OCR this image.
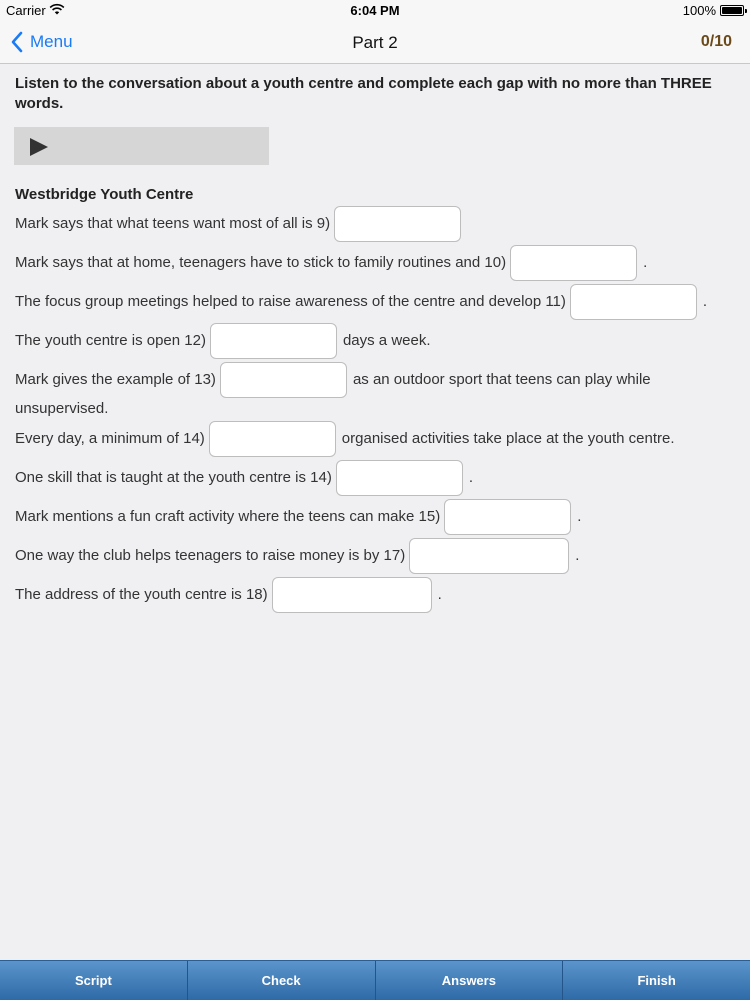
Carrier	6:04 PM	100%
Menu	Part 2	0/10
Listen to the conversation about a youth centre and complete each gap with no more than THREE words.
Westbridge Youth Centre
Mark says that what teens want most of all is 9)
Mark says that at home, teenagers have to stick to family routines and 10)	.
The focus group meetings helped to raise awareness of the centre and develop 11)	.
The youth centre is open 12)	days a week.
Mark gives the example of 13)	as an outdoor sport that teens can play while
unsupervised.
Every day, a minimum of 14)	organised activities take place at the youth centre.
One skill that is taught at the youth centre is 14)	.
Mark mentions a fun craft activity where the teens can make 15)	.
One way the club helps teenagers to raise money is by 17)	.
The address of the youth centre is 18)	.
Script	Check	Answers	Finish
